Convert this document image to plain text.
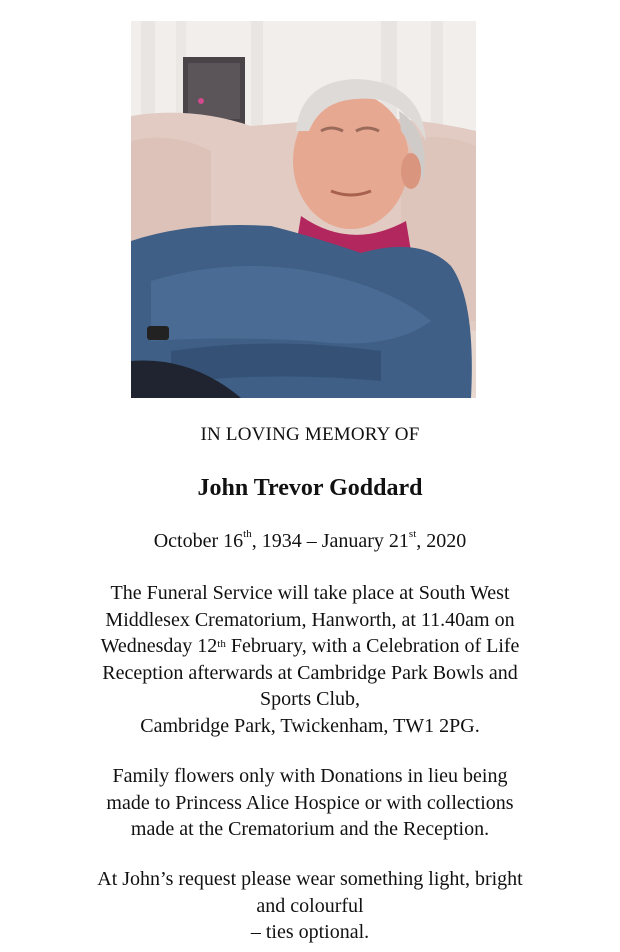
IN LOVING MEMORY OF
John Trevor Goddard
October 16th, 1934 – January 21st, 2020
The Funeral Service will take place at South West
Middlesex Crematorium, Hanworth, at 11.40am on
Wednesday 12th February, with a Celebration of Life
Reception afterwards at Cambridge Park Bowls and
Sports Club,
Cambridge Park, Twickenham, TW1 2PG.
Family flowers only with Donations in lieu being
made to Princess Alice Hospice or with collections
made at the Crematorium and the Reception.
At John’s request please wear something light, bright
and colourful
– ties optional.
